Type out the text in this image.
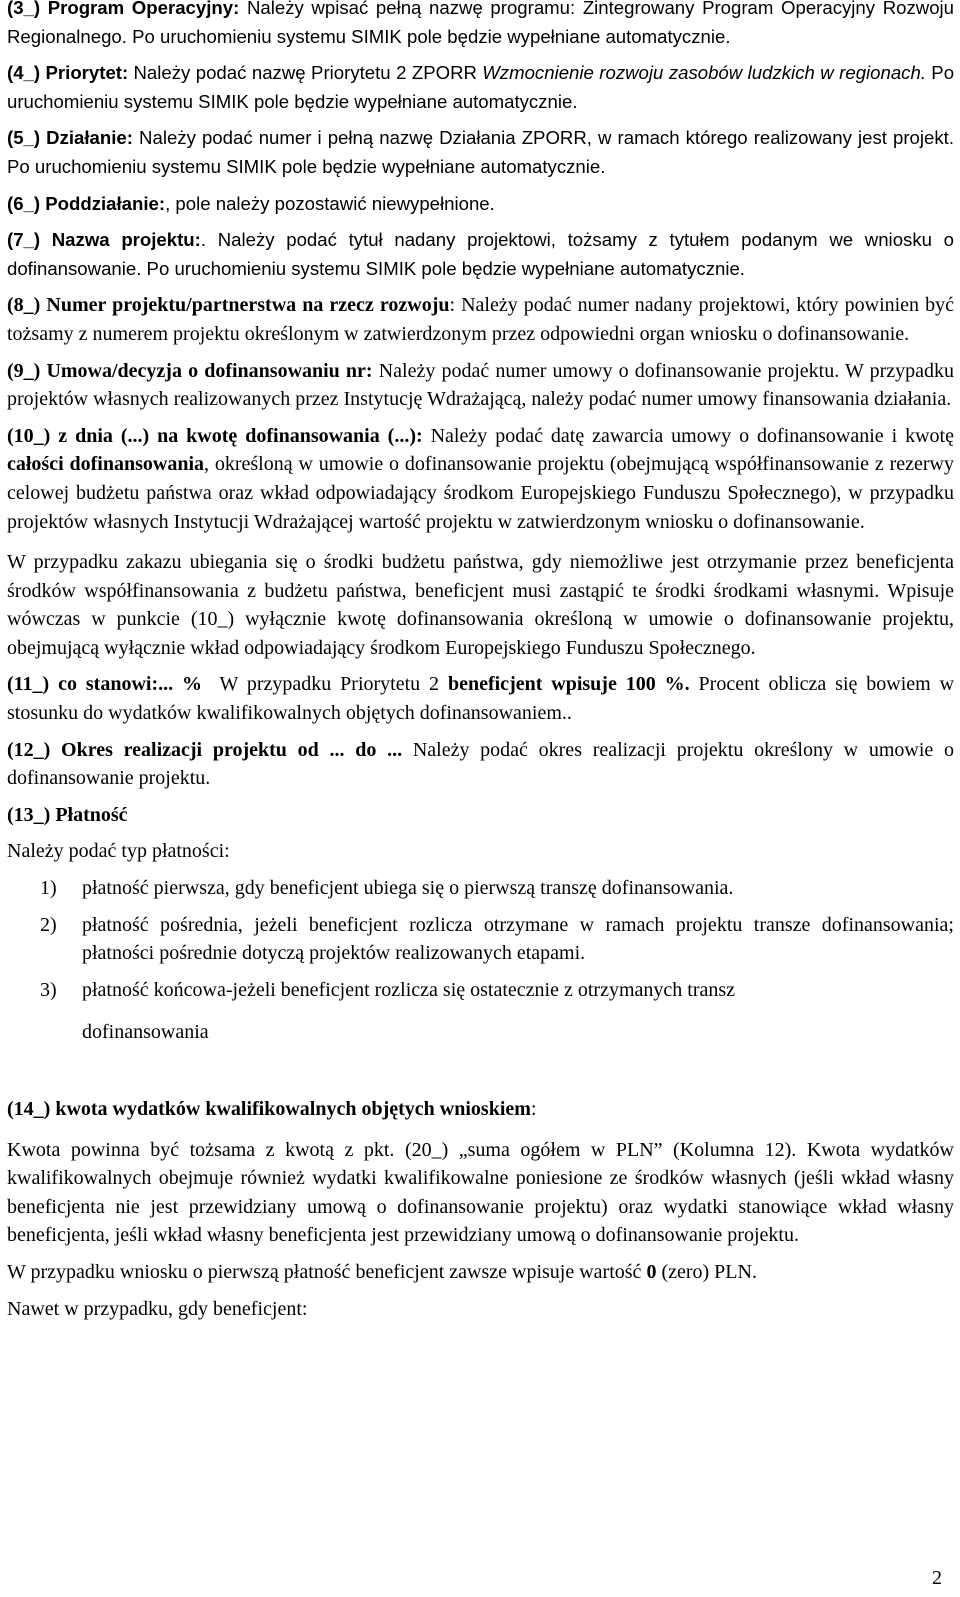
(3_) Program Operacyjny: Należy wpisać pełną nazwę programu: Zintegrowany Program Operacyjny Rozwoju Regionalnego. Po uruchomieniu systemu SIMIK pole będzie wypełniane automatycznie.

(4_) Priorytet: Należy podać nazwę Priorytetu 2 ZPORR Wzmocnienie rozwoju zasobów ludzkich w regionach. Po uruchomieniu systemu SIMIK pole będzie wypełniane automatycznie.

(5_) Działanie: Należy podać numer i pełną nazwę Działania ZPORR, w ramach którego realizowany jest projekt. Po uruchomieniu systemu SIMIK pole będzie wypełniane automatycznie.

(6_) Poddziałanie:, pole należy pozostawić niewypełnione.

(7_) Nazwa projektu:. Należy podać tytuł nadany projektowi, tożsamy z tytułem podanym we wniosku o dofinansowanie. Po uruchomieniu systemu SIMIK pole będzie wypełniane automatycznie.

(8_) Numer projektu/partnerstwa na rzecz rozwoju: Należy podać numer nadany projektowi, który powinien być tożsamy z numerem projektu określonym w zatwierdzonym przez odpowiedni organ wniosku o dofinansowanie.

(9_) Umowa/decyzja o dofinansowaniu nr: Należy podać numer umowy o dofinansowanie projektu. W przypadku projektów własnych realizowanych przez Instytucję Wdrażającą, należy podać numer umowy finansowania działania.

(10_) z dnia (...) na kwotę dofinansowania (...): Należy podać datę zawarcia umowy o dofinansowanie i kwotę całości dofinansowania, określoną w umowie o dofinansowanie projektu (obejmującą współfinansowanie z rezerwy celowej budżetu państwa oraz wkład odpowiadający środkom Europejskiego Funduszu Społecznego), w przypadku projektów własnych Instytucji Wdrażającej wartość projektu w zatwierdzonym wniosku o dofinansowanie.

W przypadku zakazu ubiegania się o środki budżetu państwa, gdy niemożliwe jest otrzymanie przez beneficjenta środków współfinansowania z budżetu państwa, beneficjent musi zastąpić te środki środkami własnymi. Wpisuje wówczas w punkcie (10_) wyłącznie kwotę dofinansowania określoną w umowie o dofinansowanie projektu, obejmującą wyłącznie wkład odpowiadający środkom Europejskiego Funduszu Społecznego.

(11_) co stanowi:... % W przypadku Priorytetu 2 beneficjent wpisuje 100 %. Procent oblicza się bowiem w stosunku do wydatków kwalifikowalnych objętych dofinansowaniem..

(12_) Okres realizacji projektu od ... do ... Należy podać okres realizacji projektu określony w umowie o dofinansowanie projektu.

(13_) Płatność

Należy podać typ płatności:

1) płatność pierwsza, gdy beneficjent ubiega się o pierwszą transzę dofinansowania.
2) płatność pośrednia, jeżeli beneficjent rozlicza otrzymane w ramach projektu transze dofinansowania; płatności pośrednie dotyczą projektów realizowanych etapami.
3) płatność końcowa-jeżeli beneficjent rozlicza się ostatecznie z otrzymanych transz
dofinansowania

(14_) kwota wydatków kwalifikowalnych objętych wnioskiem:

Kwota powinna być tożsama z kwotą z pkt. (20_) „suma ogółem w PLN” (Kolumna 12). Kwota wydatków kwalifikowalnych obejmuje również wydatki kwalifikowalne poniesione ze środków własnych (jeśli wkład własny beneficjenta nie jest przewidziany umową o dofinansowanie projektu) oraz wydatki stanowiące wkład własny beneficjenta, jeśli wkład własny beneficjenta jest przewidziany umową o dofinansowanie projektu.

W przypadku wniosku o pierwszą płatność beneficjent zawsze wpisuje wartość 0 (zero) PLN.

Nawet w przypadku, gdy beneficjent:

2
